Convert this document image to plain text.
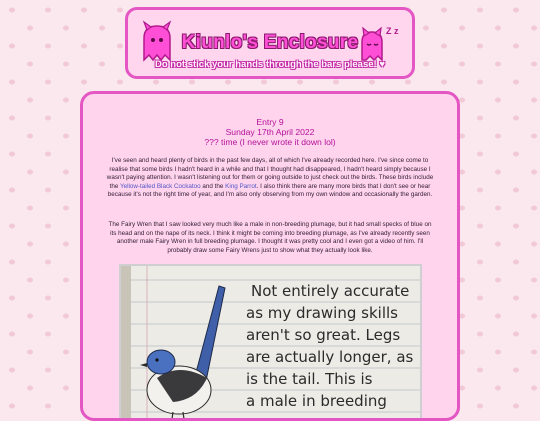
Z z
Kiunlo's Enclosure
Do not stick your hands through the bars please! ♥
Entry 9
Sunday 17th April 2022
??? time (I never wrote it down lol)

I've seen and heard plenty of birds in the past few days, all of which I've already recorded here. I've since come to realise that some birds I hadn't heard in a while and that I thought had disappeared, I hadn't heard simply because I wasn't paying attention. I wasn't listening out for them or going outside to just check out the birds. These birds include the Yellow-tailed Black Cockatoo and the King Parrot. I also think there are many more birds that I don't see or hear because it's not the right time of year, and I'm also only observing from my own window and occasionally the garden.

The Fairy Wren that I saw looked very much like a male in non-breeding plumage, but it had small specks of blue on its head and on the nape of its neck. I think it might be coming into breeding plumage, as I've already recently seen another male Fairy Wren in full breeding plumage. I thought it was pretty cool and I even got a video of him. I'll probably draw some Fairy Wrens just to show what they actually look like.

Not entirely accurate
as my drawing skills
aren't so great. Legs
are actually longer, as
is the tail. This is
a male in breeding
